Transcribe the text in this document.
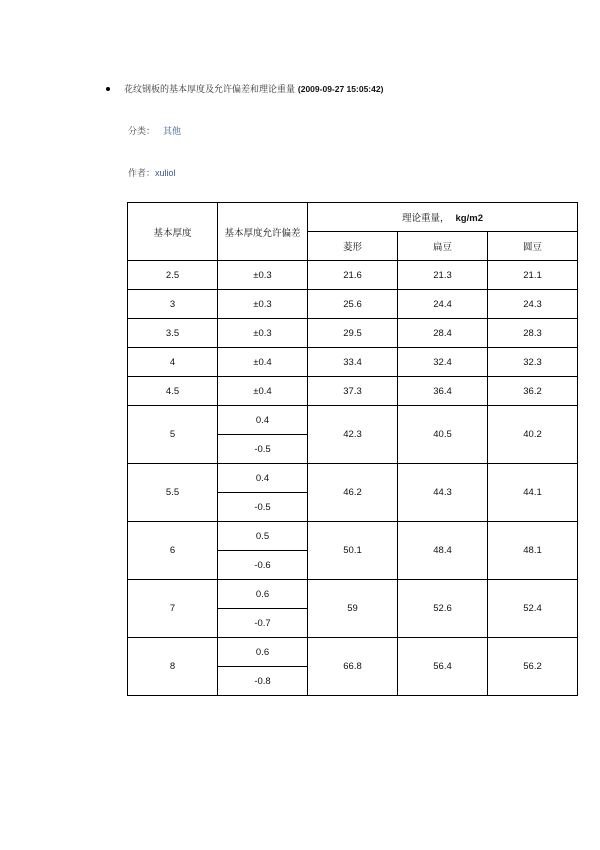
花纹钢板的基本厚度及允许偏差和理论重量 (2009-09-27 15:05:42)
分类： 其他
作者：xuliol
基本厚度	基本厚度允许偏差	理论重量， kg/m2		
		菱形	扁豆	圆豆
2.5	±0.3	21.6	21.3	21.1
3	±0.3	25.6	24.4	24.3
3.5	±0.3	29.5	28.4	28.3
4	±0.4	33.4	32.4	32.3
4.5	±0.4	37.3	36.4	36.2
5	0.4	42.3	40.5	40.2
	-0.5			
5.5	0.4	46.2	44.3	44.1
	-0.5			
6	0.5	50.1	48.4	48.1
	-0.6			
7	0.6	59	52.6	52.4
	-0.7			
8	0.6	66.8	56.4	56.2
	-0.8			
